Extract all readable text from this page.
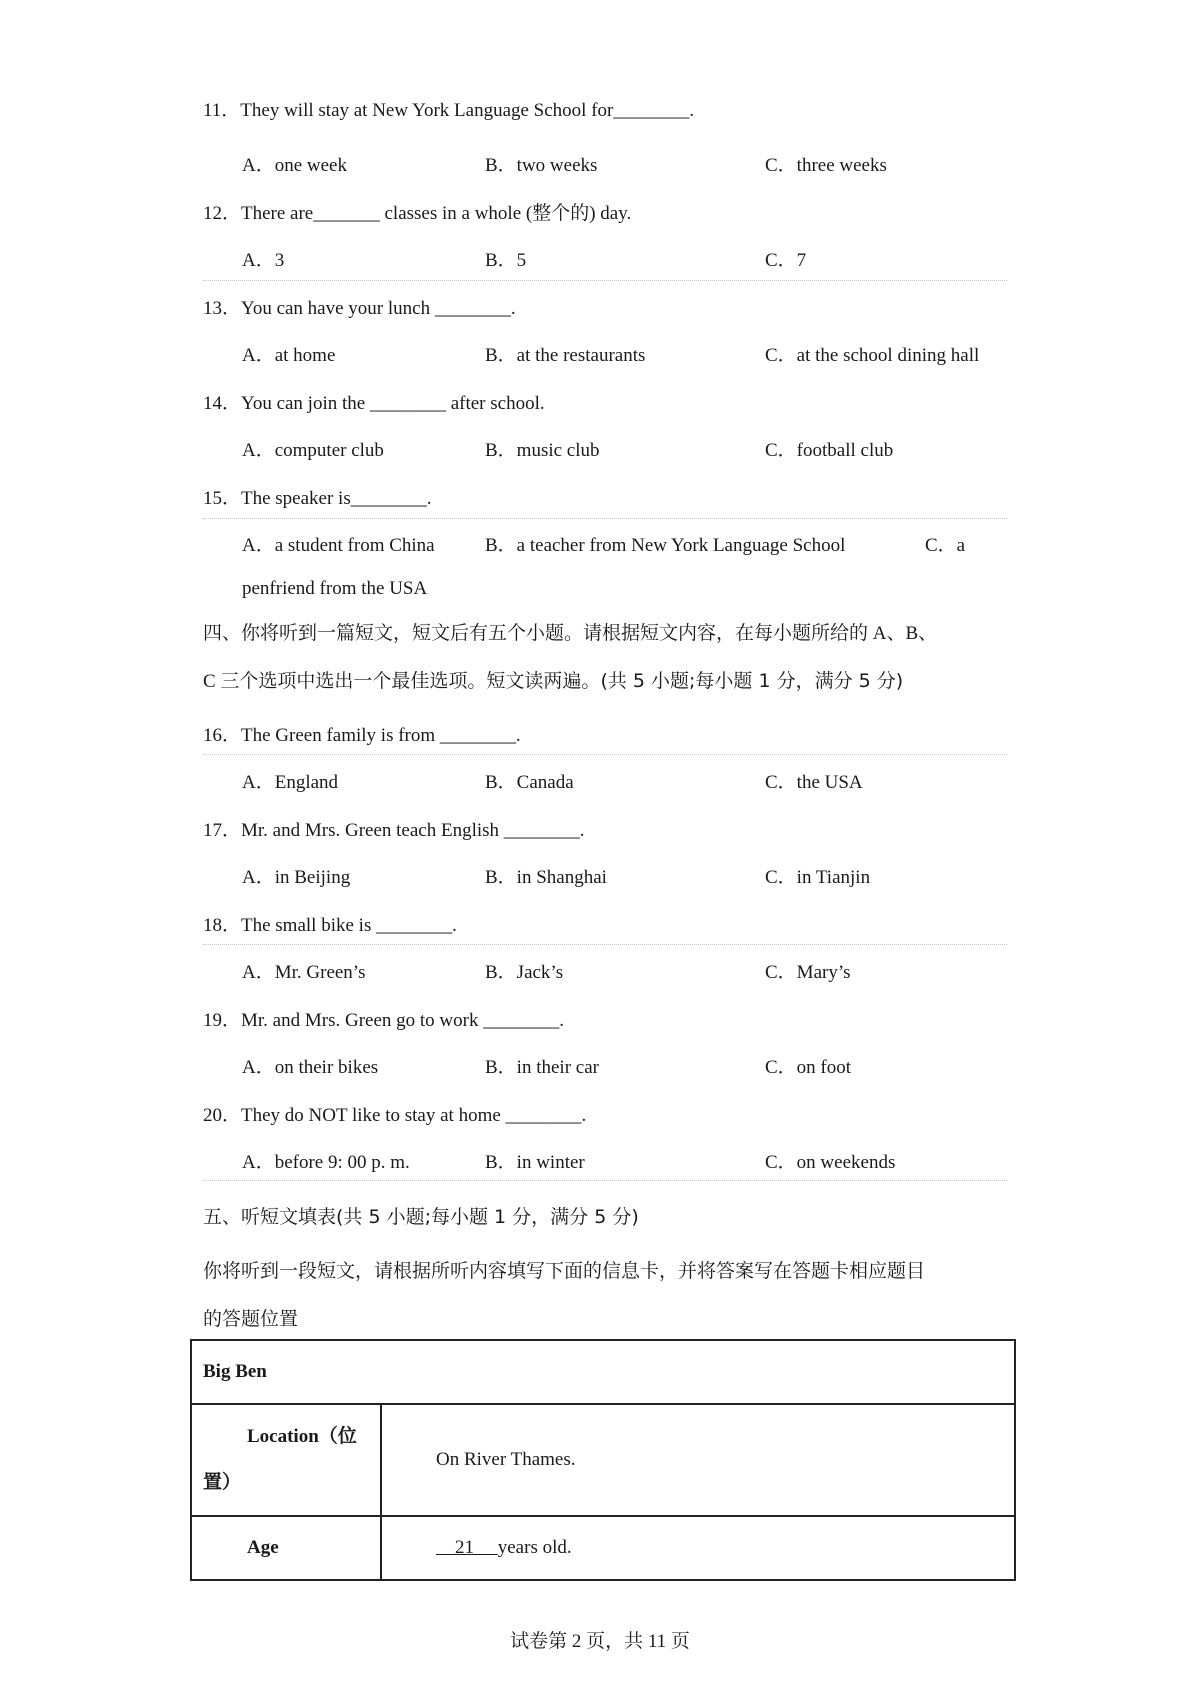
11．They will stay at New York Language School for________.
A．one week	B．two weeks	C．three weeks
12．There are_______ classes in a whole (整个的) day.
A．3	B．5	C．7
13．You can have your lunch ________.
A．at home	B．at the restaurants	C．at the school dining hall
14．You can join the ________ after school.
A．computer club	B．music club	C．football club
15．The speaker is________.
A．a student from China	B．a teacher from New York Language School	C．a
penfriend from the USA
四、你将听到一篇短文，短文后有五个小题。请根据短文内容，在每小题所给的 A、B、
C 三个选项中选出一个最佳选项。短文读两遍。(共 5 小题;每小题 1 分，满分 5 分)
16．The Green family is from ________.
A．England	B．Canada	C．the USA
17．Mr. and Mrs. Green teach English ________.
A．in Beijing	B．in Shanghai	C．in Tianjin
18．The small bike is ________.
A．Mr. Green’s	B．Jack’s	C．Mary’s
19．Mr. and Mrs. Green go to work ________.
A．on their bikes	B．in their car	C．on foot
20．They do NOT like to stay at home ________.
A．before 9: 00 p. m.	B．in winter	C．on weekends
五、听短文填表(共 5 小题;每小题 1 分，满分 5 分)
你将听到一段短文，请根据所听内容填写下面的信息卡，并将答案写在答题卡相应题目
的答题位置
Big Ben	

Location（位
置）	On River Thames.
Age	21 years old.
试卷第 2 页，共 11 页
